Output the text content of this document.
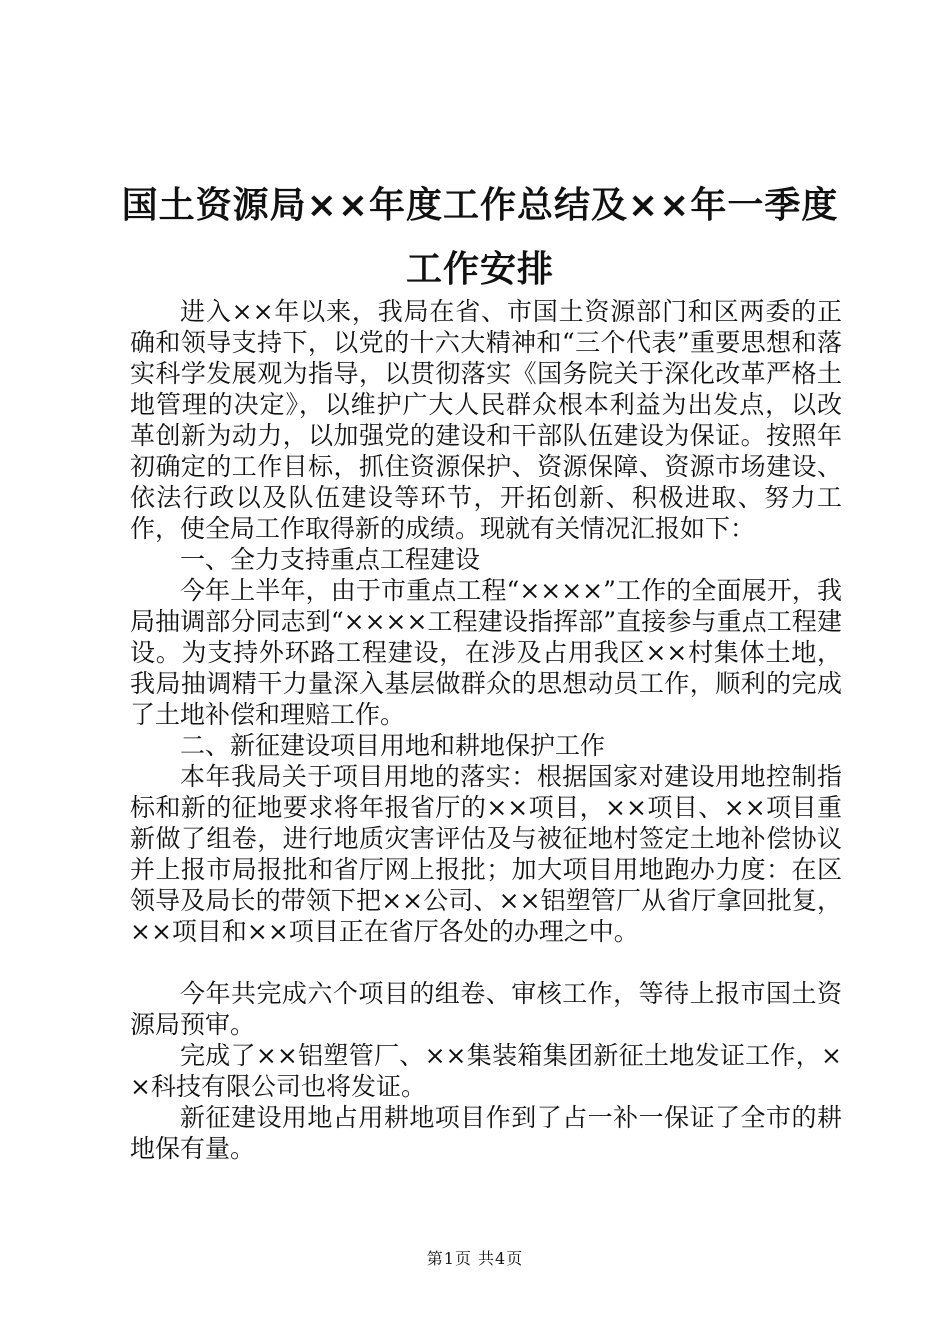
国土资源局××年度工作总结及××年一季度
工作安排

进入××年以来，我局在省、市国土资源部门和区两委的正确和领导支持下，以党的十六大精神和“三个代表”重要思想和落实科学发展观为指导，以贯彻落实《国务院关于深化改革严格土地管理的决定》，以维护广大人民群众根本利益为出发点，以改革创新为动力，以加强党的建设和干部队伍建设为保证。按照年初确定的工作目标，抓住资源保护、资源保障、资源市场建设、依法行政以及队伍建设等环节，开拓创新、积极进取、努力工作，使全局工作取得新的成绩。现就有关情况汇报如下：

一、全力支持重点工程建设

今年上半年，由于市重点工程“××××”工作的全面展开，我局抽调部分同志到“××××工程建设指挥部”直接参与重点工程建设。为支持外环路工程建设，在涉及占用我区××村集体土地，我局抽调精干力量深入基层做群众的思想动员工作，顺利的完成了土地补偿和理赔工作。

二、新征建设项目用地和耕地保护工作

本年我局关于项目用地的落实：根据国家对建设用地控制指标和新的征地要求将年报省厅的××项目，××项目、××项目重新做了组卷，进行地质灾害评估及与被征地村签定土地补偿协议并上报市局报批和省厅网上报批；加大项目用地跑办力度：在区领导及局长的带领下把××公司、××铝塑管厂从省厅拿回批复，××项目和××项目正在省厅各处的办理之中。

今年共完成六个项目的组卷、审核工作，等待上报市国土资源局预审。

完成了××铝塑管厂、××集装箱集团新征土地发证工作，××科技有限公司也将发证。

新征建设用地占用耕地项目作到了占一补一保证了全市的耕地保有量。

第1页 共4页
